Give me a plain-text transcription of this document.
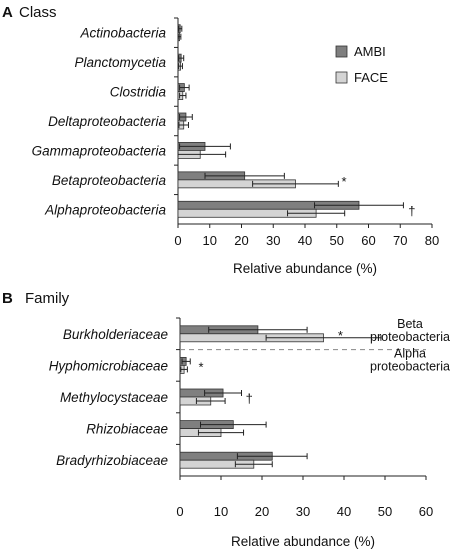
A Class
0 10 20 30 40 50 60 70 80
Actinobacteria
Planctomycetia
Clostridia
Deltaproteobacteria
Gammaproteobacteria
Betaproteobacteria
Alphaproteobacteria
*
†
Relative abundance (%)
AMBI
FACE
B Family
0 10 20 30 40 50 60
Burkholderiaceae
Hyphomicrobiaceae
Methylocystaceae
Rhizobiaceae
Bradyrhizobiaceae
*
*
†
Beta
proteobacteria
Alpha
proteobacteria
Relative abundance (%)
